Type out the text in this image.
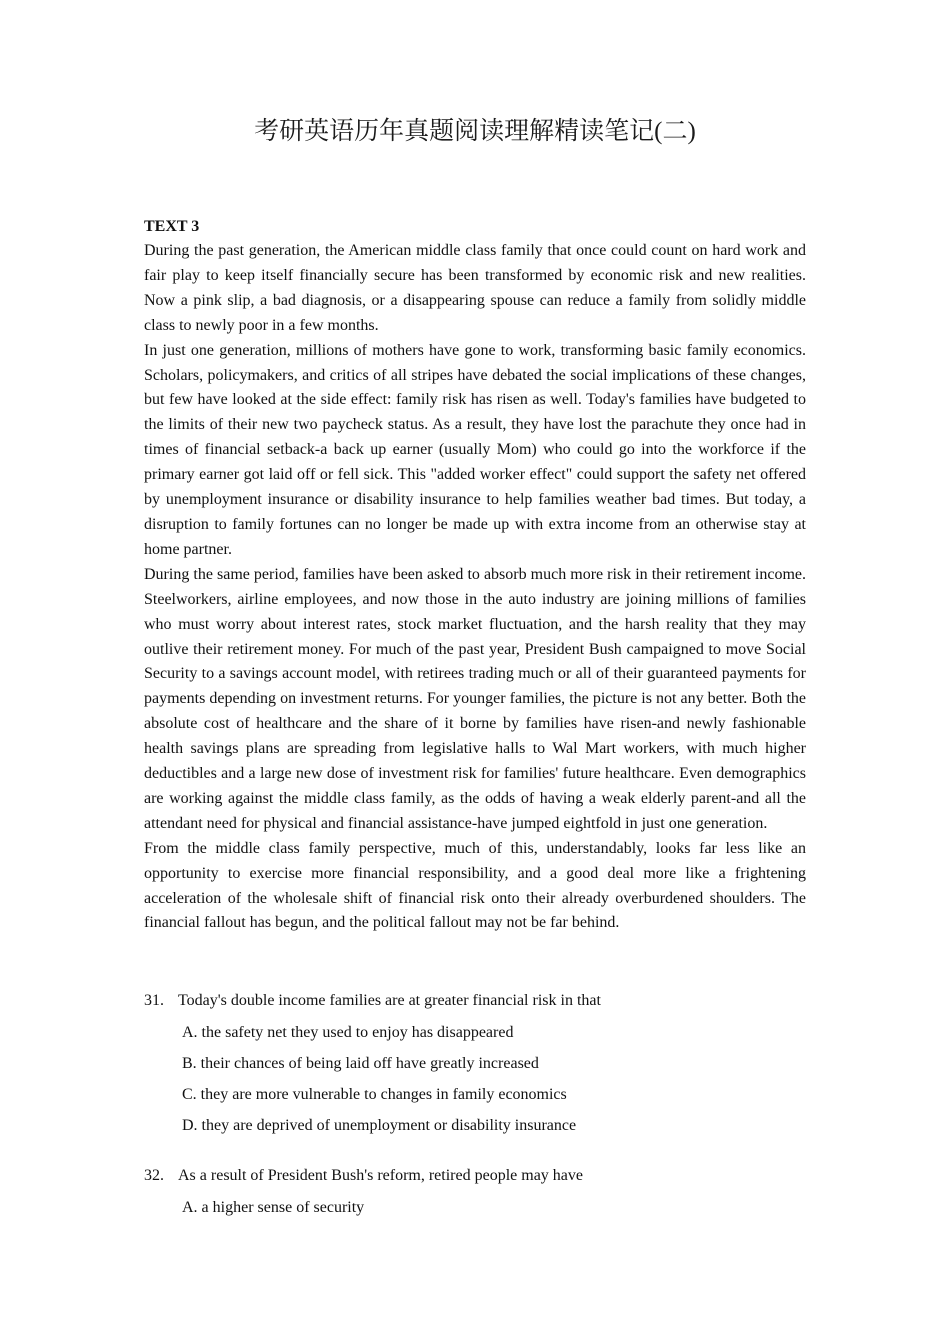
考研英语历年真题阅读理解精读笔记(二)

TEXT 3

During the past generation, the American middle class family that once could count on hard work and fair play to keep itself financially secure has been transformed by economic risk and new realities. Now a pink slip, a bad diagnosis, or a disappearing spouse can reduce a family from solidly middle class to newly poor in a few months.

In just one generation, millions of mothers have gone to work, transforming basic family economics. Scholars, policymakers, and critics of all stripes have debated the social implications of these changes, but few have looked at the side effect: family risk has risen as well. Today's families have budgeted to the limits of their new two paycheck status. As a result, they have lost the parachute they once had in times of financial setback-a back up earner (usually Mom) who could go into the workforce if the primary earner got laid off or fell sick. This "added worker effect" could support the safety net offered by unemployment insurance or disability insurance to help families weather bad times. But today, a disruption to family fortunes can no longer be made up with extra income from an otherwise stay at home partner.

During the same period, families have been asked to absorb much more risk in their retirement income. Steelworkers, airline employees, and now those in the auto industry are joining millions of families who must worry about interest rates, stock market fluctuation, and the harsh reality that they may outlive their retirement money. For much of the past year, President Bush campaigned to move Social Security to a savings account model, with retirees trading much or all of their guaranteed payments for payments depending on investment returns. For younger families, the picture is not any better. Both the absolute cost of healthcare and the share of it borne by families have risen-and newly fashionable health savings plans are spreading from legislative halls to Wal Mart workers, with much higher deductibles and a large new dose of investment risk for families' future healthcare. Even demographics are working against the middle class family, as the odds of having a weak elderly parent-and all the attendant need for physical and financial assistance-have jumped eightfold in just one generation.

From the middle class family perspective, much of this, understandably, looks far less like an opportunity to exercise more financial responsibility, and a good deal more like a frightening acceleration of the wholesale shift of financial risk onto their already overburdened shoulders. The financial fallout has begun, and the political fallout may not be far behind.

31. Today's double income families are at greater financial risk in that
A. the safety net they used to enjoy has disappeared
B. their chances of being laid off have greatly increased
C. they are more vulnerable to changes in family economics
D. they are deprived of unemployment or disability insurance
32. As a result of President Bush's reform, retired people may have
A. a higher sense of security
